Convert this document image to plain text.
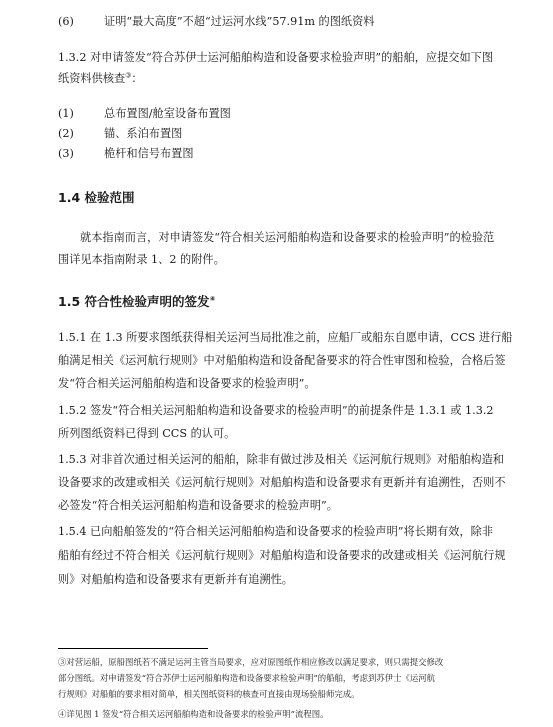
(6)	证明“最大高度”不超“过运河水线”57.91m 的图纸资料
1.3.2 对申请签发“符合苏伊士运河船舶构造和设备要求检验声明”的船舶，应提交如下图
纸资料供核查③：
(1)	总布置图/舱室设备布置图
(2)	锚、系泊布置图
(3)	桅杆和信号布置图
1.4 检验范围
就本指南而言，对申请签发“符合相关运河船舶构造和设备要求的检验声明”的检验范
围详见本指南附录 1、2 的附件。
1.5 符合性检验声明的签发④
1.5.1 在 1.3 所要求图纸获得相关运河当局批准之前，应船厂或船东自愿申请，CCS 进行船
舶满足相关《运河航行规则》中对船舶构造和设备配备要求的符合性审图和检验，合格后签
发“符合相关运河船舶构造和设备要求的检验声明”。
1.5.2 签发“符合相关运河船舶构造和设备要求的检验声明”的前提条件是 1.3.1 或 1.3.2
所列图纸资料已得到 CCS 的认可。
1.5.3 对非首次通过相关运河的船舶，除非有做过涉及相关《运河航行规则》对船舶构造和
设备要求的改建或相关《运河航行规则》对船舶构造和设备要求有更新并有追溯性，否则不
必签发“符合相关运河船舶构造和设备要求的检验声明”。
1.5.4 已向船舶签发的“符合相关运河船舶构造和设备要求的检验声明”将长期有效，除非
船舶有经过不符合相关《运河航行规则》对船舶构造和设备要求的改建或相关《运河航行规
则》对船舶构造和设备要求有更新并有追溯性。
③对营运船，原船图纸若不满足运河主管当局要求，应对原图纸作相应修改以满足要求，则只需提交修改
部分图纸。对申请签发“符合苏伊士运河船舶构造和设备要求检验声明”的船舶，考虑到苏伊士《运河航
行规则》对船舶的要求相对简单，相关图纸资料的核查可直接由现场验船师完成。
④详见图 1 签发“符合相关运河船舶构造和设备要求的检验声明”流程图。
